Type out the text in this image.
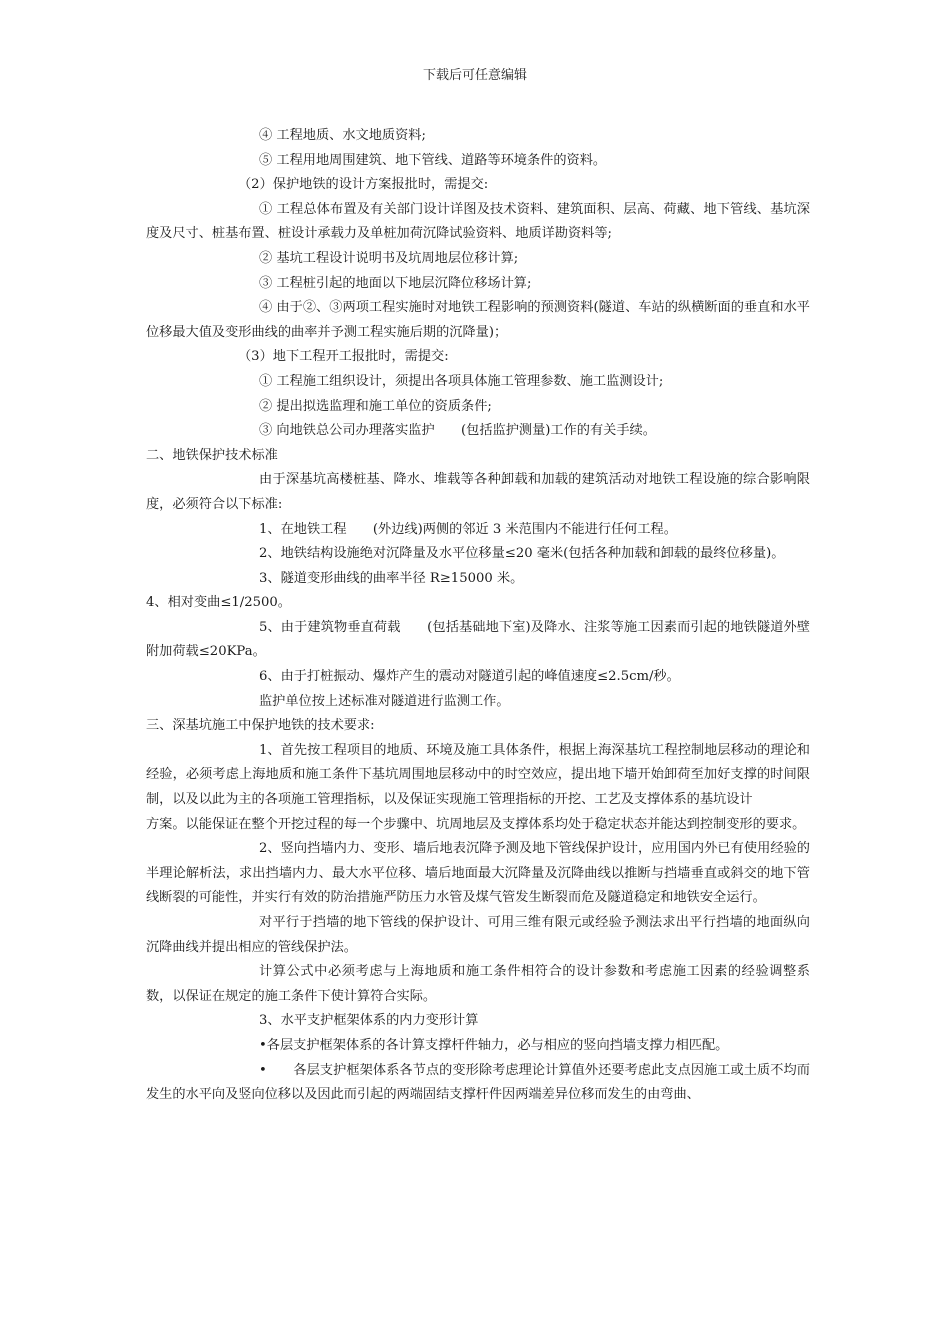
下载后可任意编辑

④ 工程地质、水文地质资料;

⑤ 工程用地周围建筑、地下管线、道路等环境条件的资料。

（2）保护地铁的设计方案报批时，需提交:

① 工程总体布置及有关部门设计详图及技术资料、建筑面积、层高、荷藏、地下管线、基坑深度及尺寸、桩基布置、桩设计承载力及单桩加荷沉降试验资料、地质详勘资料等;

② 基坑工程设计说明书及坑周地层位移计算;

③ 工程桩引起的地面以下地层沉降位移场计算;

④ 由于②、③两项工程实施时对地铁工程影响的预测资料(隧道、车站的纵横断面的垂直和水平位移最大值及变形曲线的曲率并予测工程实施后期的沉降量)；

（3）地下工程开工报批时，需提交:

① 工程施工组织设计，须提出各项具体施工管理参数、施工监测设计;

② 提出拟选监理和施工单位的资质条件;

③ 向地铁总公司办理落实监护　　(包括监护测量)工作的有关手续。

二、地铁保护技术标准

由于深基坑高楼桩基、降水、堆载等各种卸载和加载的建筑活动对地铁工程设施的综合影响限度，必须符合以下标准:

1、在地铁工程　　(外边线)两侧的邻近 3 米范围内不能进行任何工程。

2、地铁结构设施绝对沉降量及水平位移量≤20 毫米(包括各种加载和卸载的最终位移量)。

3、隧道变形曲线的曲率半径 R≥15000 米。

4、相对变曲≤1/2500。

5、由于建筑物垂直荷载　　(包括基础地下室)及降水、注浆等施工因素而引起的地铁隧道外壁附加荷载≤20KPa。

6、由于打桩振动、爆炸产生的震动对隧道引起的峰值速度≤2.5cm/秒。

监护单位按上述标准对隧道进行监测工作。

三、深基坑施工中保护地铁的技术要求:

1、首先按工程项目的地质、环境及施工具体条件，根据上海深基坑工程控制地层移动的理论和经验，必须考虑上海地质和施工条件下基坑周围地层移动中的时空效应，提出地下墙开始卸荷至加好支撑的时间限制，以及以此为主的各项施工管理指标，以及保证实现施工管理指标的开挖、工艺及支撑体系的基坑设计

方案。以能保证在整个开挖过程的每一个步骤中、坑周地层及支撑体系均处于稳定状态并能达到控制变形的要求。

2、竖向挡墙内力、变形、墙后地表沉降予测及地下管线保护设计，应用国内外已有使用经验的半理论解析法，求出挡墙内力、最大水平位移、墙后地面最大沉降量及沉降曲线以推断与挡墙垂直或斜交的地下管线断裂的可能性，并实行有效的防治措施严防压力水管及煤气管发生断裂而危及隧道稳定和地铁安全运行。

对平行于挡墙的地下管线的保护设计、可用三维有限元或经验予测法求出平行挡墙的地面纵向沉降曲线并提出相应的管线保护法。

计算公式中必须考虑与上海地质和施工条件相符合的设计参数和考虑施工因素的经验调整系数，以保证在规定的施工条件下使计算符合实际。

3、水平支护框架体系的内力变形计算

•各层支护框架体系的各计算支撑杆件轴力，必与相应的竖向挡墙支撑力相匹配。

•　　各层支护框架体系各节点的变形除考虑理论计算值外还要考虑此支点因施工或土质不均而发生的水平向及竖向位移以及因此而引起的两端固结支撑杆件因两端差异位移而发生的由弯曲、
